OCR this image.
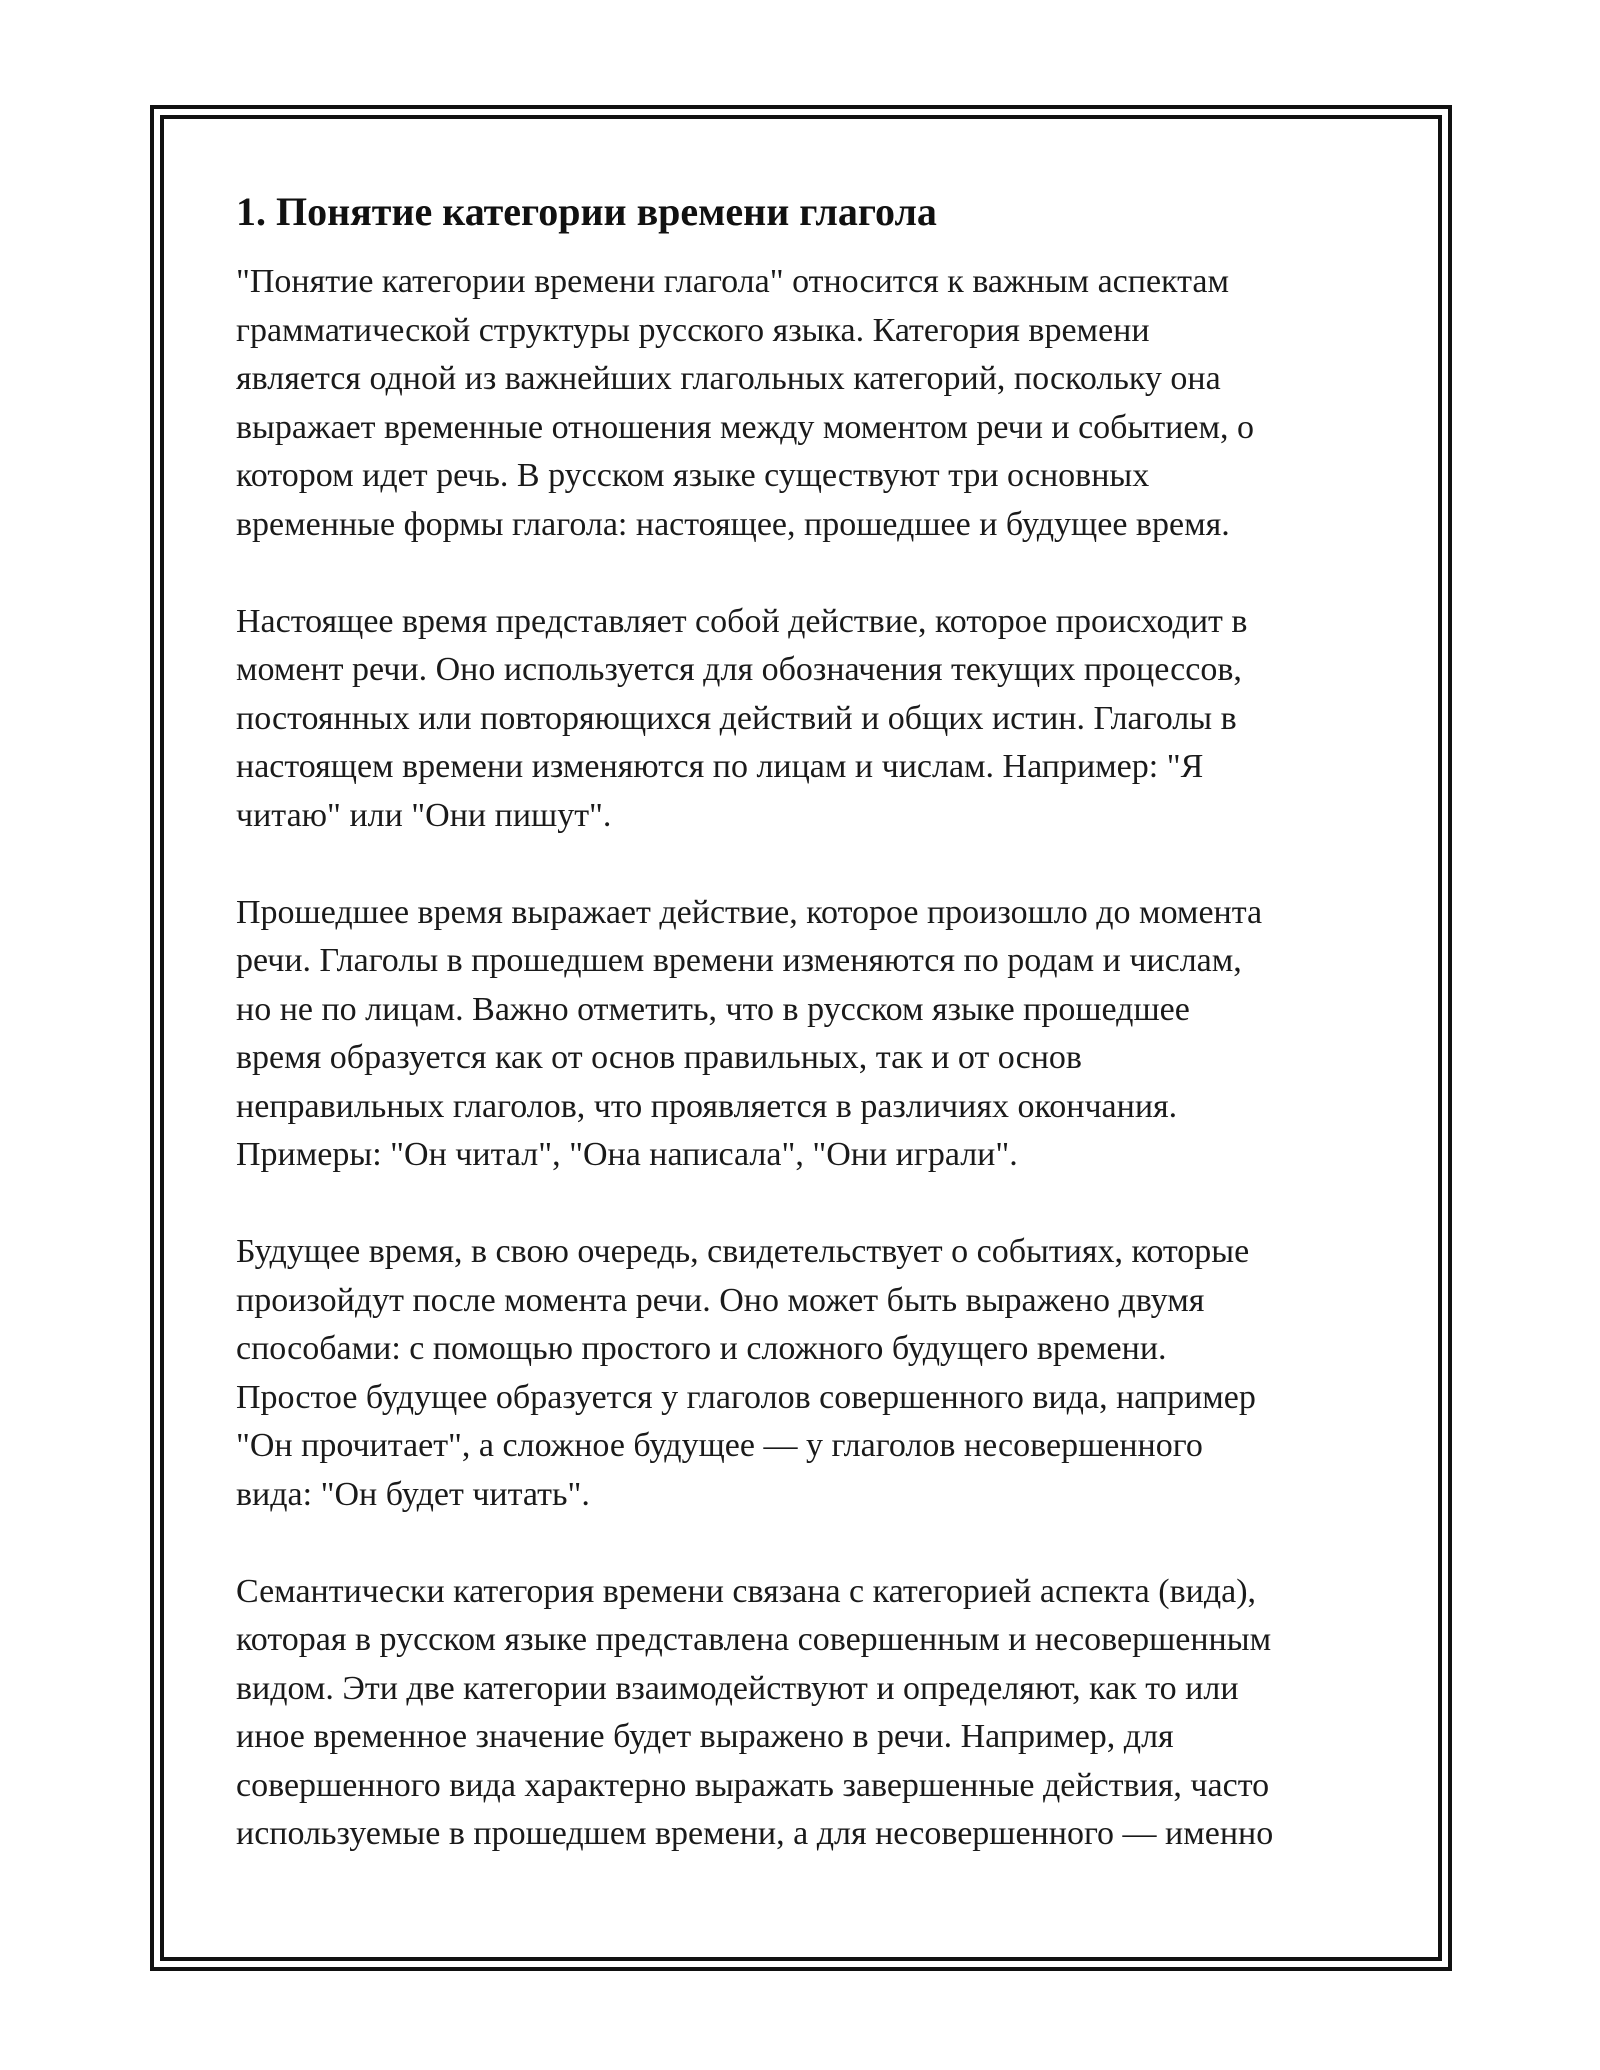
1. Понятие категории времени глагола

"Понятие категории времени глагола" относится к важным аспектам
грамматической структуры русского языка. Категория времени
является одной из важнейших глагольных категорий, поскольку она
выражает временные отношения между моментом речи и событием, о
котором идет речь. В русском языке существуют три основных
временные формы глагола: настоящее, прошедшее и будущее время.

Настоящее время представляет собой действие, которое происходит в
момент речи. Оно используется для обозначения текущих процессов,
постоянных или повторяющихся действий и общих истин. Глаголы в
настоящем времени изменяются по лицам и числам. Например: "Я
читаю" или "Они пишут".

Прошедшее время выражает действие, которое произошло до момента
речи. Глаголы в прошедшем времени изменяются по родам и числам,
но не по лицам. Важно отметить, что в русском языке прошедшее
время образуется как от основ правильных, так и от основ
неправильных глаголов, что проявляется в различиях окончания.
Примеры: "Он читал", "Она написала", "Они играли".

Будущее время, в свою очередь, свидетельствует о событиях, которые
произойдут после момента речи. Оно может быть выражено двумя
способами: с помощью простого и сложного будущего времени.
Простое будущее образуется у глаголов совершенного вида, например
"Он прочитает", а сложное будущее — у глаголов несовершенного
вида: "Он будет читать".

Семантически категория времени связана с категорией аспекта (вида),
которая в русском языке представлена совершенным и несовершенным
видом. Эти две категории взаимодействуют и определяют, как то или
иное временное значение будет выражено в речи. Например, для
совершенного вида характерно выражать завершенные действия, часто
используемые в прошедшем времени, а для несовершенного — именно
